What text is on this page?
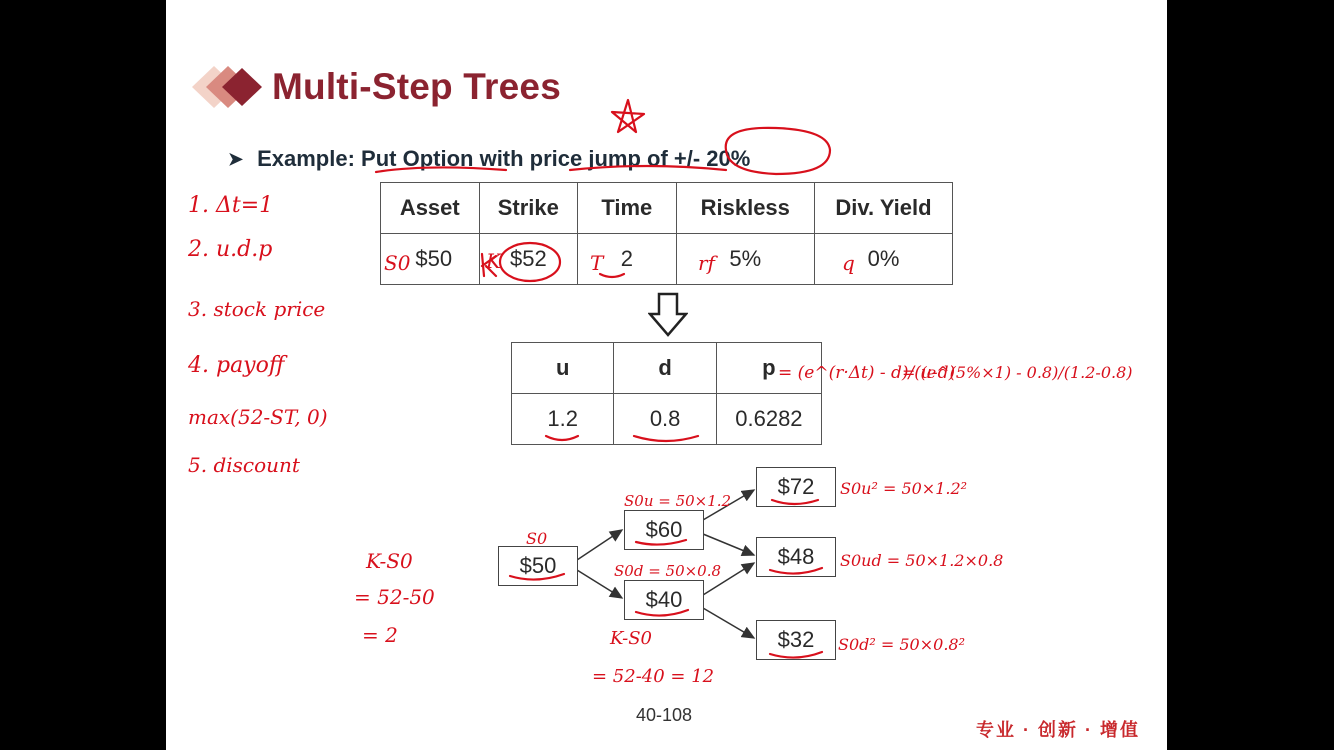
Multi-Step Trees
➤ Example: Put Option with price jump of +/- 20%
Asset	Strike	Time	Riskless	Div. Yield
$50	$52	2	5%	0%
u	d	p
1.2	0.8	0.6282
$50
$60
$40
$72
$48
$32
40-108
专业 · 创新 · 增值
1. Δt=1
2. u.d.p
3. stock price
4. payoff
max(52-ST, 0)
5. discount
S0	K	T	rf	q
= (e^(r·Δt) - d)/(u-d)
= (e^(5%×1) - 0.8)/(1.2-0.8)
K-S0
= 52-50
= 2
S0
S0u = 50×1.2
S0d = 50×0.8
S0u² = 50×1.2²
S0ud = 50×1.2×0.8
S0d² = 50×0.8²
K-S0
= 52-40 = 12
